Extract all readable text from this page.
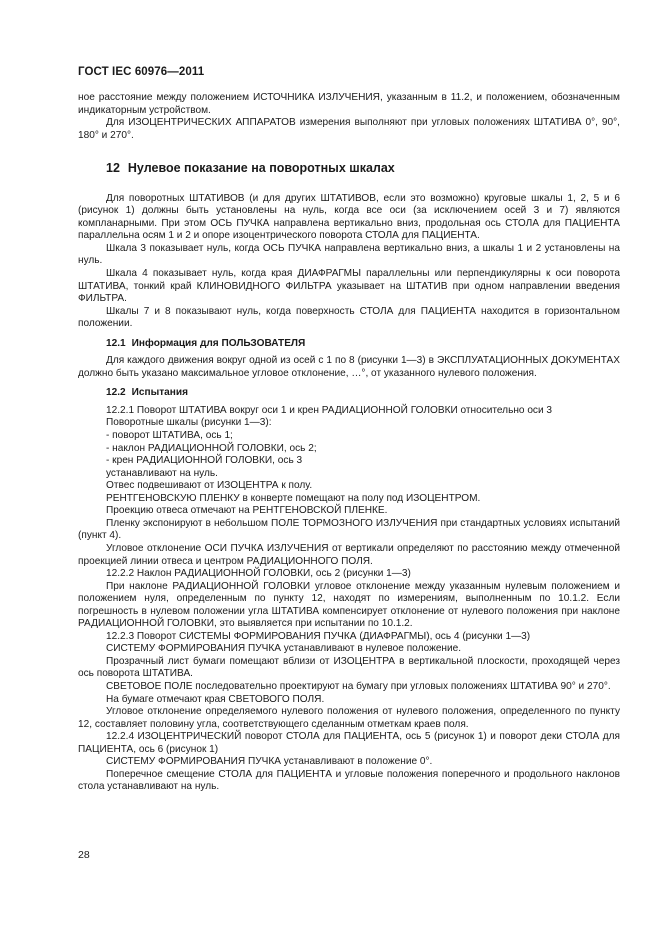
ГОСТ IEC 60976—2011

ное расстояние между положением ИСТОЧНИКА ИЗЛУЧЕНИЯ, указанным в 11.2, и положением, обозначенным индикаторным устройством.

Для ИЗОЦЕНТРИЧЕСКИХ АППАРАТОВ измерения выполняют при угловых положениях ШТАТИВА 0°, 90°, 180° и 270°.

12 Нулевое показание на поворотных шкалах

Для поворотных ШТАТИВОВ (и для других ШТАТИВОВ, если это возможно) круговые шкалы 1, 2, 5 и 6 (рисунок 1) должны быть установлены на нуль, когда все оси (за исключением осей 3 и 7) являются компланарными. При этом ОСЬ ПУЧКА направлена вертикально вниз, продольная ось СТОЛА для ПАЦИЕНТА параллельна осям 1 и 2 и опоре изоцентрического поворота СТОЛА для ПАЦИЕНТА.

Шкала 3 показывает нуль, когда ОСЬ ПУЧКА направлена вертикально вниз, а шкалы 1 и 2 установлены на нуль.

Шкала 4 показывает нуль, когда края ДИАФРАГМЫ параллельны или перпендикулярны к оси поворота ШТАТИВА, тонкий край КЛИНОВИДНОГО ФИЛЬТРА указывает на ШТАТИВ при одном направлении введения ФИЛЬТРА.

Шкалы 7 и 8 показывают нуль, когда поверхность СТОЛА для ПАЦИЕНТА находится в горизонтальном положении.

12.1 Информация для ПОЛЬЗОВАТЕЛЯ

Для каждого движения вокруг одной из осей с 1 по 8 (рисунки 1—3) в ЭКСПЛУАТАЦИОННЫХ ДОКУМЕНТАХ должно быть указано максимальное угловое отклонение, …°, от указанного нулевого положения.

12.2 Испытания

12.2.1 Поворот ШТАТИВА вокруг оси 1 и крен РАДИАЦИОННОЙ ГОЛОВКИ относительно оси 3

Поворотные шкалы (рисунки 1—3):

- поворот ШТАТИВА, ось 1;

- наклон РАДИАЦИОННОЙ ГОЛОВКИ, ось 2;

- крен РАДИАЦИОННОЙ ГОЛОВКИ, ось 3

устанавливают на нуль.

Отвес подвешивают от ИЗОЦЕНТРА к полу.

РЕНТГЕНОВСКУЮ ПЛЕНКУ в конверте помещают на полу под ИЗОЦЕНТРОМ.

Проекцию отвеса отмечают на РЕНТГЕНОВСКОЙ ПЛЕНКЕ.

Пленку экспонируют в небольшом ПОЛЕ ТОРМОЗНОГО ИЗЛУЧЕНИЯ при стандартных условиях испытаний (пункт 4).

Угловое отклонение ОСИ ПУЧКА ИЗЛУЧЕНИЯ от вертикали определяют по расстоянию между отмеченной проекцией линии отвеса и центром РАДИАЦИОННОГО ПОЛЯ.

12.2.2 Наклон РАДИАЦИОННОЙ ГОЛОВКИ, ось 2 (рисунки 1—3)

При наклоне РАДИАЦИОННОЙ ГОЛОВКИ угловое отклонение между указанным нулевым положением и положением нуля, определенным по пункту 12, находят по измерениям, выполненным по 10.1.2. Если погрешность в нулевом положении угла ШТАТИВА компенсирует отклонение от нулевого положения при наклоне РАДИАЦИОННОЙ ГОЛОВКИ, это выявляется при испытании по 10.1.2.

12.2.3 Поворот СИСТЕМЫ ФОРМИРОВАНИЯ ПУЧКА (ДИАФРАГМЫ), ось 4 (рисунки 1—3)

СИСТЕМУ ФОРМИРОВАНИЯ ПУЧКА устанавливают в нулевое положение.

Прозрачный лист бумаги помещают вблизи от ИЗОЦЕНТРА в вертикальной плоскости, проходящей через ось поворота ШТАТИВА.

СВЕТОВОЕ ПОЛЕ последовательно проектируют на бумагу при угловых положениях ШТАТИВА 90° и 270°.

На бумаге отмечают края СВЕТОВОГО ПОЛЯ.

Угловое отклонение определяемого нулевого положения от нулевого положения, определенного по пункту 12, составляет половину угла, соответствующего сделанным отметкам краев поля.

12.2.4 ИЗОЦЕНТРИЧЕСКИЙ поворот СТОЛА для ПАЦИЕНТА, ось 5 (рисунок 1) и поворот деки СТОЛА для ПАЦИЕНТА, ось 6 (рисунок 1)

СИСТЕМУ ФОРМИРОВАНИЯ ПУЧКА устанавливают в положение 0°.

Поперечное смещение СТОЛА для ПАЦИЕНТА и угловые положения поперечного и продольного наклонов стола устанавливают на нуль.

28
